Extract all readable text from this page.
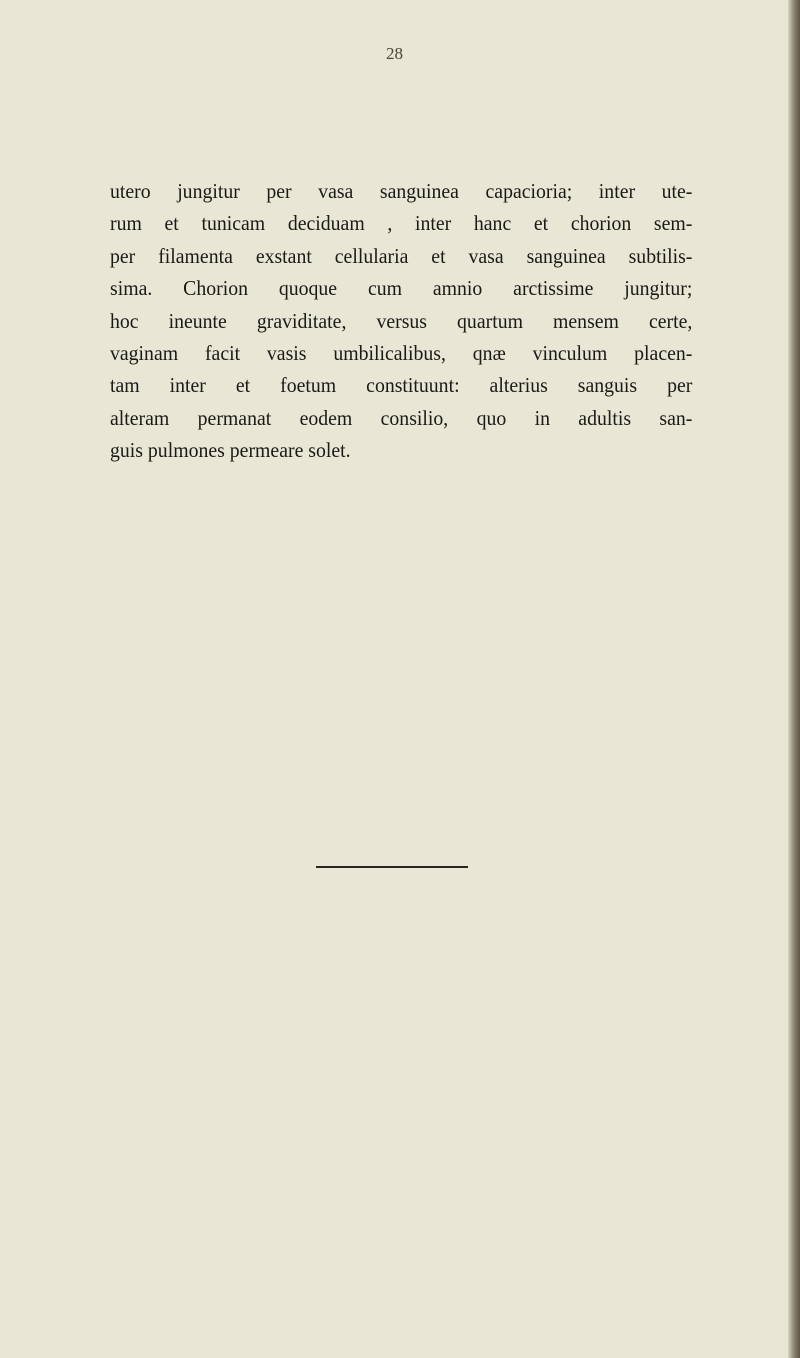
28
utero jungitur per vasa sanguinea capacioria; inter ute-
rum et tunicam deciduam , inter hanc et chorion sem-
per filamenta exstant cellularia et vasa sanguinea subtilis-
sima. Chorion quoque cum amnio arctissime jungitur;
hoc ineunte graviditate, versus quartum mensem certe,
vaginam facit vasis umbilicalibus, qnæ vinculum placen-
tam inter et foetum constituunt: alterius sanguis per
alteram permanat eodem consilio, quo in adultis san-
guis pulmones permeare solet.
